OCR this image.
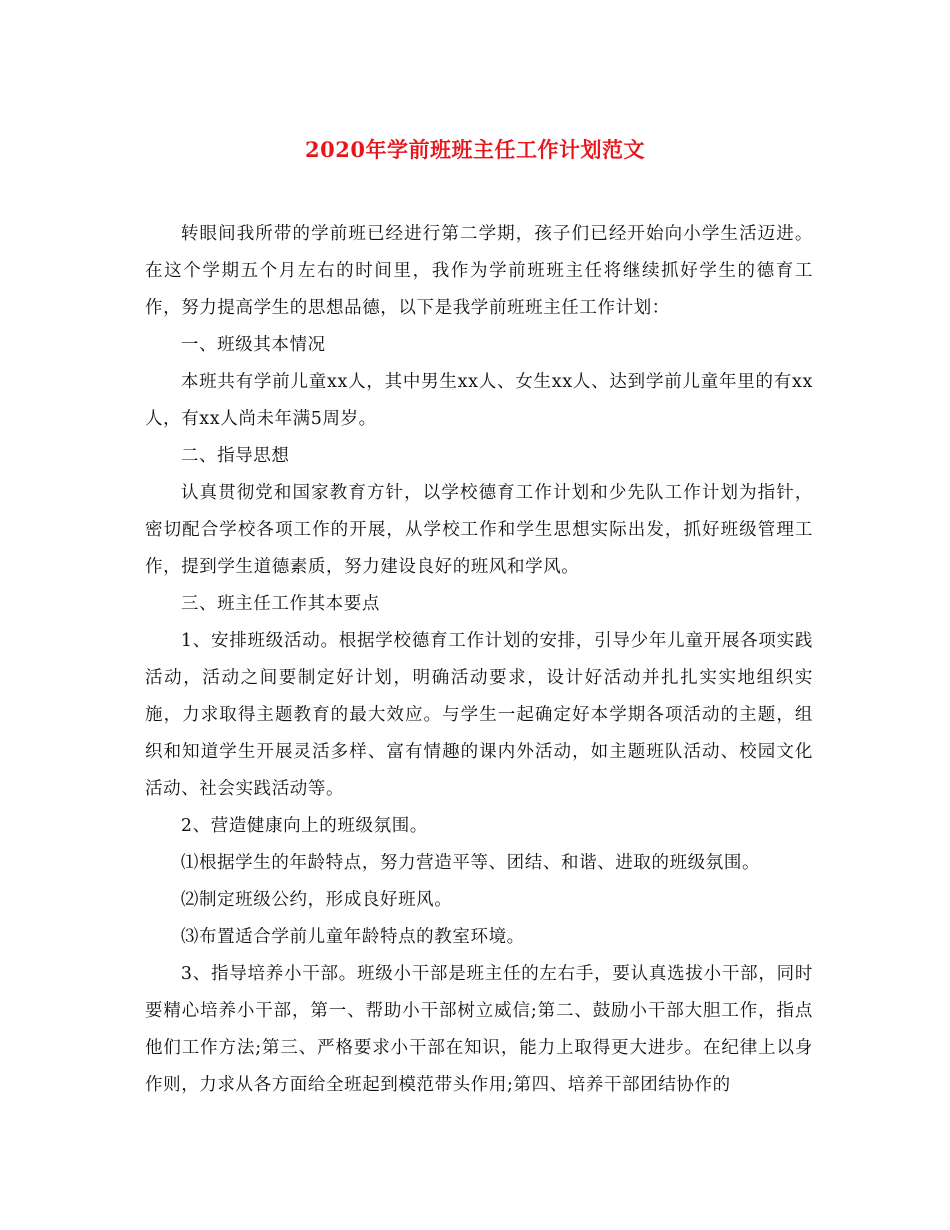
2020年学前班班主任工作计划范文

转眼间我所带的学前班已经进行第二学期，孩子们已经开始向小学生活迈进。在这个学期五个月左右的时间里，我作为学前班班主任将继续抓好学生的德育工作，努力提高学生的思想品德，以下是我学前班班主任工作计划：

一、班级其本情况

本班共有学前儿童xx人，其中男生xx人、女生xx人、达到学前儿童年里的有xx人，有xx人尚未年满5周岁。

二、指导思想

认真贯彻党和国家教育方针，以学校德育工作计划和少先队工作计划为指针，密切配合学校各项工作的开展，从学校工作和学生思想实际出发，抓好班级管理工作，提到学生道德素质，努力建设良好的班风和学风。

三、班主任工作其本要点

1、安排班级活动。根据学校德育工作计划的安排，引导少年儿童开展各项实践活动，活动之间要制定好计划，明确活动要求，设计好活动并扎扎实实地组织实施，力求取得主题教育的最大效应。与学生一起确定好本学期各项活动的主题，组织和知道学生开展灵活多样、富有情趣的课内外活动，如主题班队活动、校园文化活动、社会实践活动等。

2、营造健康向上的班级氛围。

⑴根据学生的年龄特点，努力营造平等、团结、和谐、进取的班级氛围。

⑵制定班级公约，形成良好班风。

⑶布置适合学前儿童年龄特点的教室环境。

3、指导培养小干部。班级小干部是班主任的左右手，要认真选拔小干部，同时要精心培养小干部，第一、帮助小干部树立威信;第二、鼓励小干部大胆工作，指点他们工作方法;第三、严格要求小干部在知识，能力上取得更大进步。在纪律上以身作则，力求从各方面给全班起到模范带头作用;第四、培养干部团结协作的
